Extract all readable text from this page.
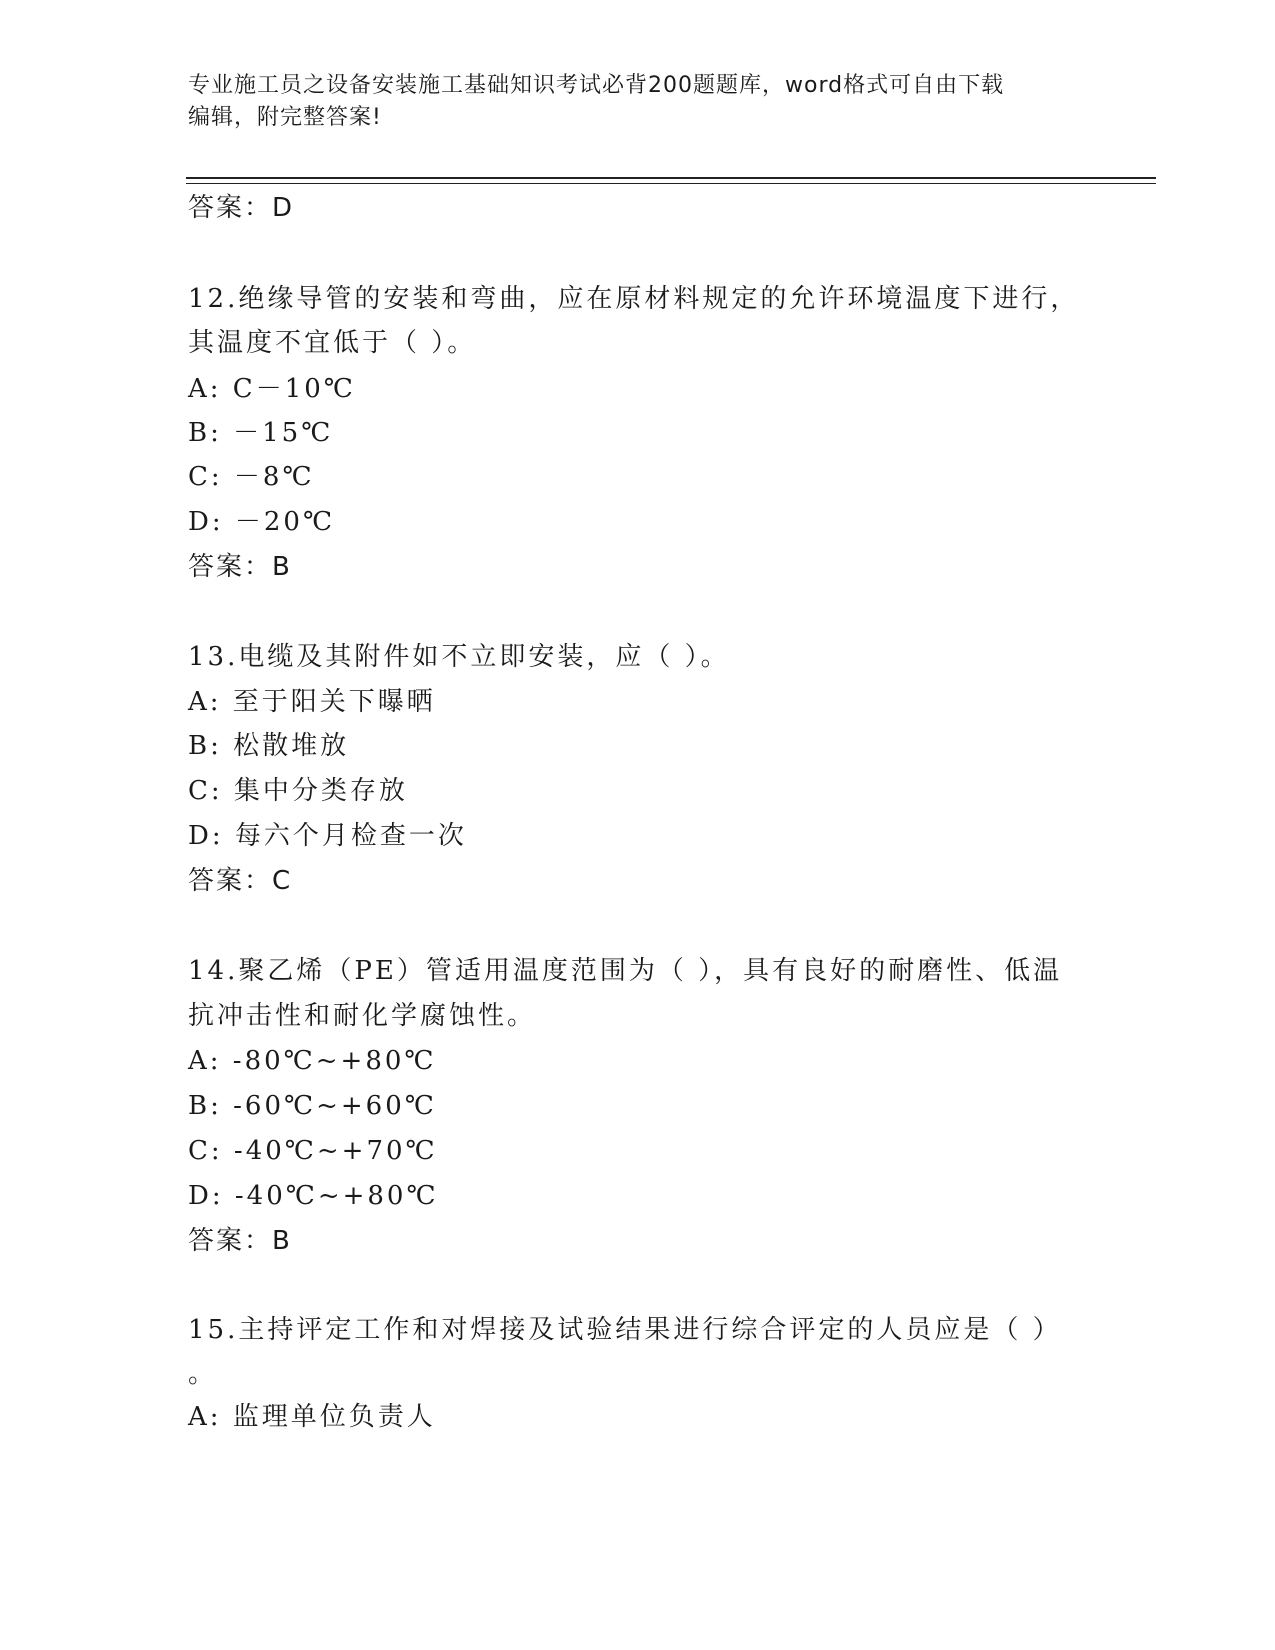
专业施工员之设备安装施工基础知识考试必背200题题库，word格式可自由下载
编辑，附完整答案!
答案：D
12.绝缘导管的安装和弯曲，应在原材料规定的允许环境温度下进行，
其温度不宜低于（ ）。
A: C－10℃
B: －15℃
C: －8℃
D: －20℃
答案：B
13.电缆及其附件如不立即安装，应（ ）。
A: 至于阳关下曝晒
B: 松散堆放
C: 集中分类存放
D: 每六个月检查一次
答案：C
14.聚乙烯（PE）管适用温度范围为（ ），具有良好的耐磨性、低温
抗冲击性和耐化学腐蚀性。
A: -80℃~+80℃
B: -60℃~+60℃
C: -40℃~+70℃
D: -40℃~+80℃
答案：B
15.主持评定工作和对焊接及试验结果进行综合评定的人员应是（ ）
。
A: 监理单位负责人
